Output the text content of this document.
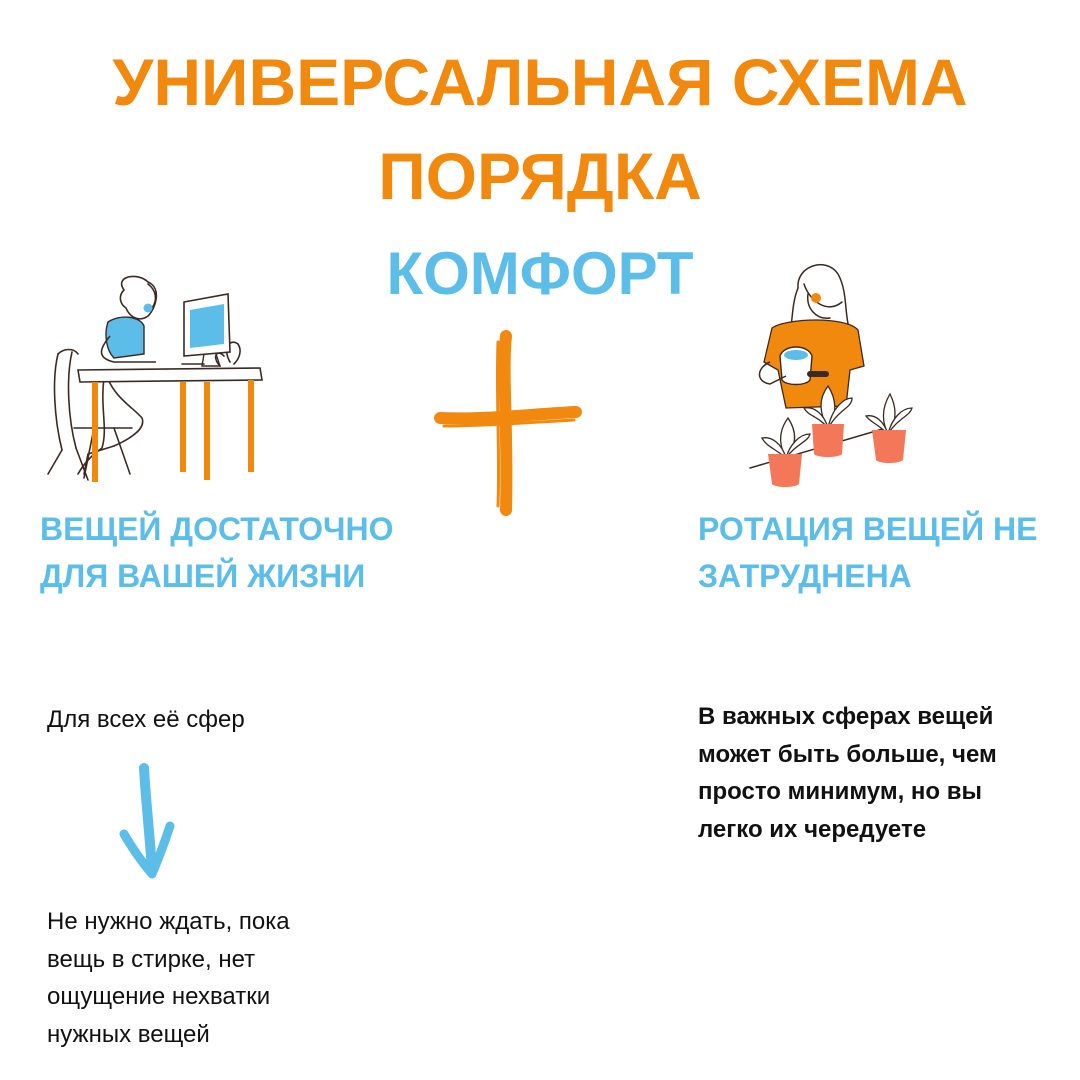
УНИВЕРСАЛЬНАЯ СХЕМА
ПОРЯДКА
КОМФОРТ
ВЕЩЕЙ ДОСТАТОЧНО ДЛЯ ВАШЕЙ ЖИЗНИ
РОТАЦИЯ ВЕЩЕЙ НЕ ЗАТРУДНЕНА
Для всех её сфер
Не нужно ждать, пока вещь в стирке, нет ощущение нехватки нужных вещей
В важных сферах вещей может быть больше, чем просто минимум, но вы легко их чередуете
